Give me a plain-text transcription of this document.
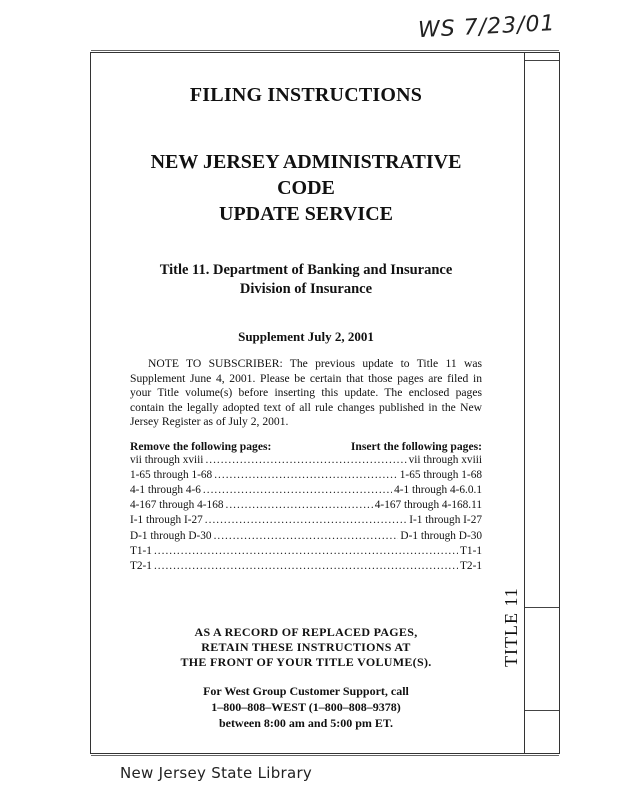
WS 7/23/01
TITLE 11
FILING INSTRUCTIONS
NEW JERSEY ADMINISTRATIVE CODE
UPDATE SERVICE
Title 11. Department of Banking and Insurance
Division of Insurance
Supplement July 2, 2001

NOTE TO SUBSCRIBER: The previous update to Title 11 was Supplement June 4, 2001. Please be certain that those pages are filed in your Title volume(s) before inserting this update. The enclosed pages contain the legally adopted text of all rule changes published in the New Jersey Register as of July 2, 2001.

Remove the following pages:	Insert the following pages:
vii through xviii .....	vii through xviii
1-65 through 1-68 .....	1-65 through 1-68
4-1 through 4-6 .....	4-1 through 4-6.0.1
4-167 through 4-168 .....	4-167 through 4-168.11
I-1 through I-27 .....	I-1 through I-27
D-1 through D-30 .....	D-1 through D-30
T1-1 .....	T1-1
T2-1 .....	T2-1
AS A RECORD OF REPLACED PAGES,
RETAIN THESE INSTRUCTIONS AT
THE FRONT OF YOUR TITLE VOLUME(S).
For West Group Customer Support, call
1–800–808–WEST (1–800–808–9378)
between 8:00 am and 5:00 pm ET.
New Jersey State Library
